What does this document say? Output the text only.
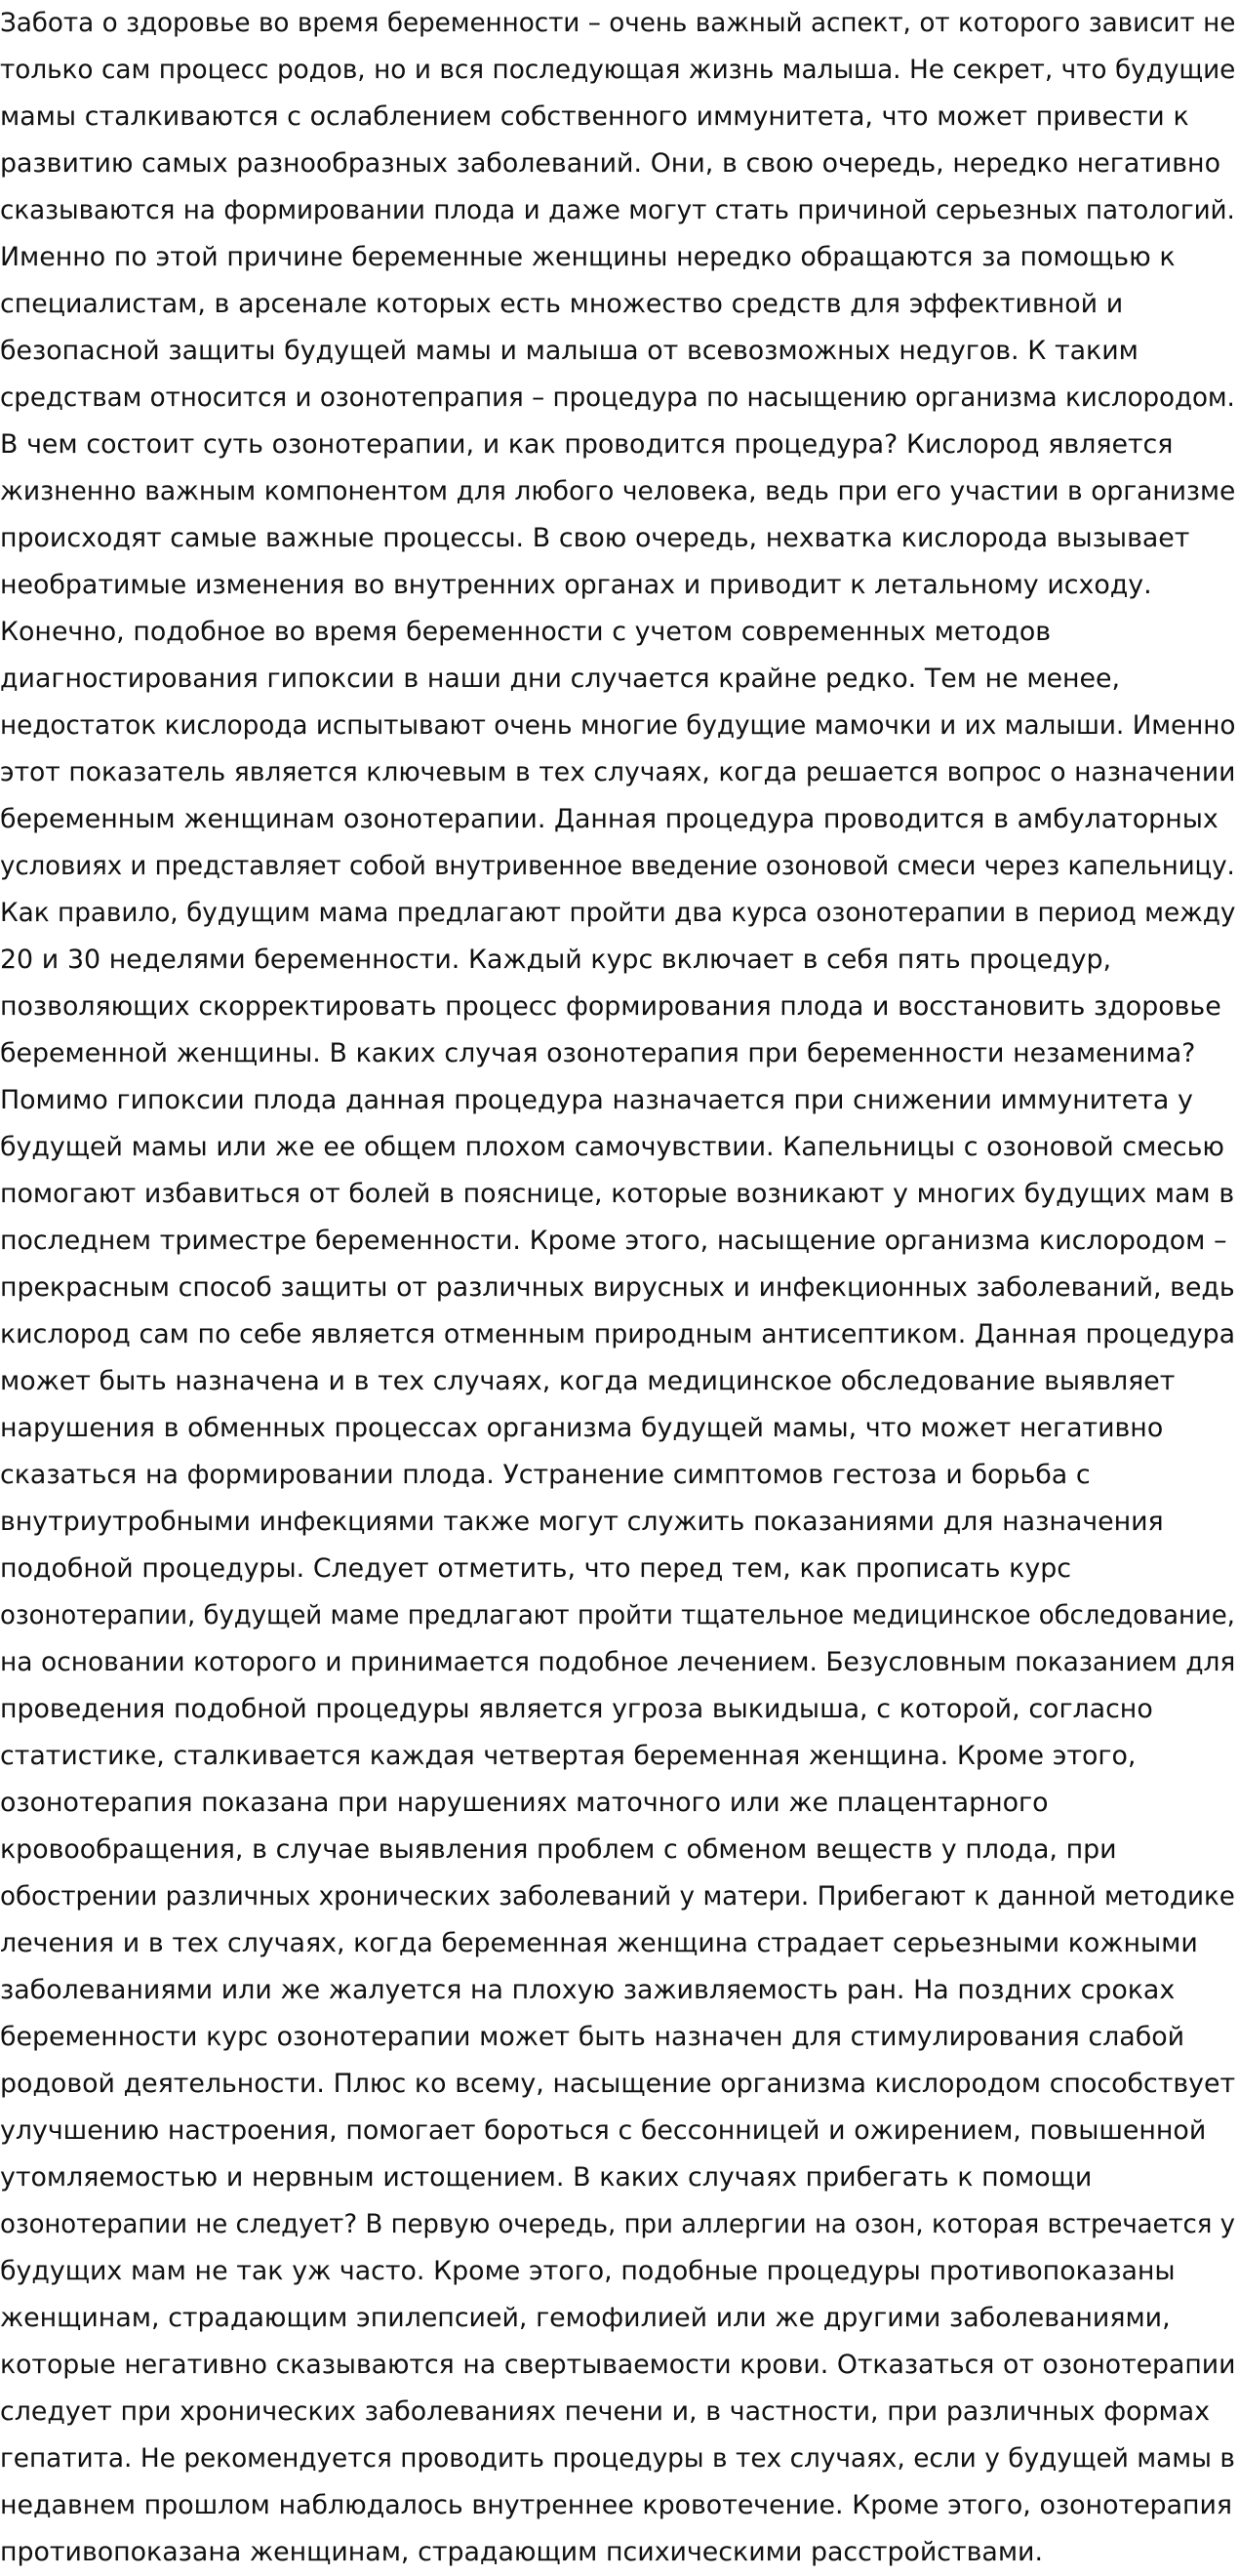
Забота о здоровье во время беременности – очень важный аспект, от которого зависит не
только сам процесс родов, но и вся последующая жизнь малыша. Не секрет, что будущие
мамы сталкиваются с ослаблением собственного иммунитета, что может привести к
развитию самых разнообразных заболеваний. Они, в свою очередь, нередко негативно
сказываются на формировании плода и даже могут стать причиной серьезных патологий.
Именно по этой причине беременные женщины нередко обращаются за помощью к
специалистам, в арсенале которых есть множество средств для эффективной и
безопасной защиты будущей мамы и малыша от всевозможных недугов. К таким
средствам относится и озонотепрапия – процедура по насыщению организма кислородом.
В чем состоит суть озонотерапии, и как проводится процедура? Кислород является
жизненно важным компонентом для любого человека, ведь при его участии в организме
происходят самые важные процессы. В свою очередь, нехватка кислорода вызывает
необратимые изменения во внутренних органах и приводит к летальному исходу.
Конечно, подобное во время беременности с учетом современных методов
диагностирования гипоксии в наши дни случается крайне редко. Тем не менее,
недостаток кислорода испытывают очень многие будущие мамочки и их малыши. Именно
этот показатель является ключевым в тех случаях, когда решается вопрос о назначении
беременным женщинам озонотерапии. Данная процедура проводится в амбулаторных
условиях и представляет собой внутривенное введение озоновой смеси через капельницу.
Как правило, будущим мама предлагают пройти два курса озонотерапии в период между
20 и 30 неделями беременности. Каждый курс включает в себя пять процедур,
позволяющих скорректировать процесс формирования плода и восстановить здоровье
беременной женщины. В каких случая озонотерапия при беременности незаменима?
Помимо гипоксии плода данная процедура назначается при снижении иммунитета у
будущей мамы или же ее общем плохом самочувствии. Капельницы с озоновой смесью
помогают избавиться от болей в пояснице, которые возникают у многих будущих мам в
последнем триместре беременности. Кроме этого, насыщение организма кислородом –
прекрасным способ защиты от различных вирусных и инфекционных заболеваний, ведь
кислород сам по себе является отменным природным антисептиком. Данная процедура
может быть назначена и в тех случаях, когда медицинское обследование выявляет
нарушения в обменных процессах организма будущей мамы, что может негативно
сказаться на формировании плода. Устранение симптомов гестоза и борьба с
внутриутробными инфекциями также могут служить показаниями для назначения
подобной процедуры. Следует отметить, что перед тем, как прописать курс
озонотерапии, будущей маме предлагают пройти тщательное медицинское обследование,
на основании которого и принимается подобное лечением. Безусловным показанием для
проведения подобной процедуры является угроза выкидыша, с которой, согласно
статистике, сталкивается каждая четвертая беременная женщина. Кроме этого,
озонотерапия показана при нарушениях маточного или же плацентарного
кровообращения, в случае выявления проблем с обменом веществ у плода, при
обострении различных хронических заболеваний у матери. Прибегают к данной методике
лечения и в тех случаях, когда беременная женщина страдает серьезными кожными
заболеваниями или же жалуется на плохую заживляемость ран. На поздних сроках
беременности курс озонотерапии может быть назначен для стимулирования слабой
родовой деятельности. Плюс ко всему, насыщение организма кислородом способствует
улучшению настроения, помогает бороться с бессонницей и ожирением, повышенной
утомляемостью и нервным истощением. В каких случаях прибегать к помощи
озонотерапии не следует? В первую очередь, при аллергии на озон, которая встречается у
будущих мам не так уж часто. Кроме этого, подобные процедуры противопоказаны
женщинам, страдающим эпилепсией, гемофилией или же другими заболеваниями,
которые негативно сказываются на свертываемости крови. Отказаться от озонотерапии
следует при хронических заболеваниях печени и, в частности, при различных формах
гепатита. Не рекомендуется проводить процедуры в тех случаях, если у будущей мамы в
недавнем прошлом наблюдалось внутреннее кровотечение. Кроме этого, озонотерапия
противопоказана женщинам, страдающим психическими расстройствами.
